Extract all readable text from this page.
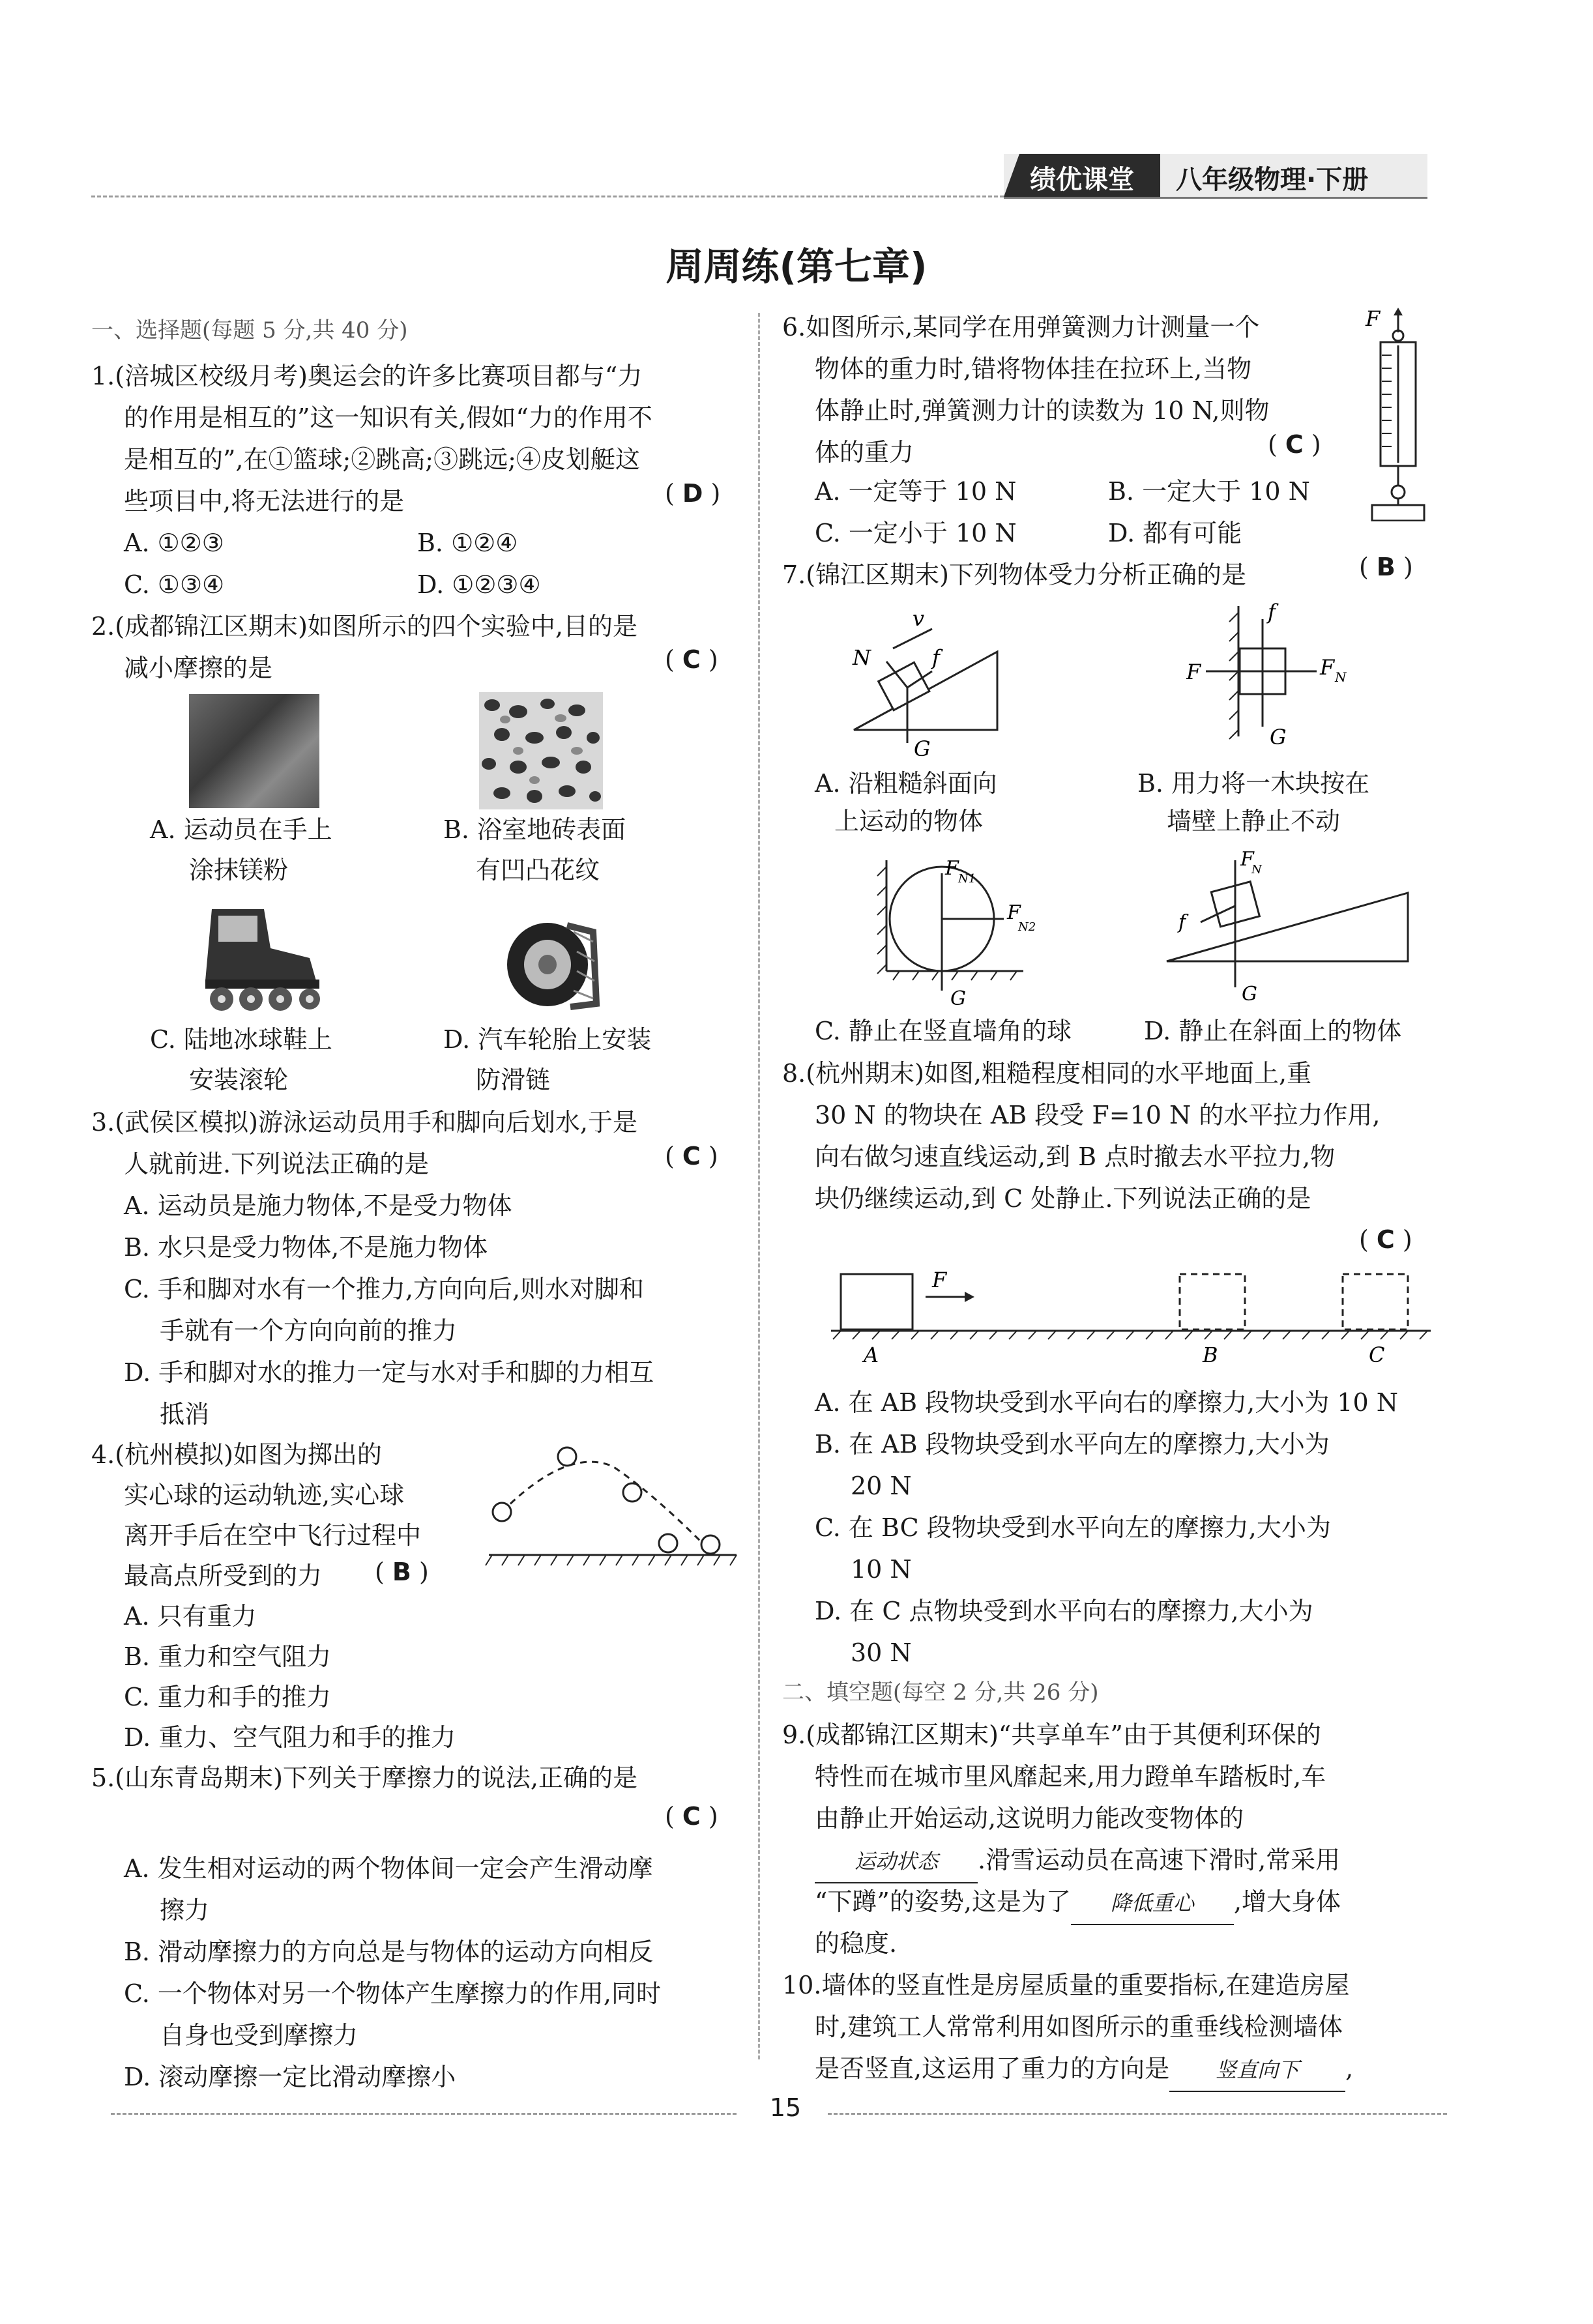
绩优课堂 八年级物理·下册
周周练(第七章)
一、选择题(每题 5 分,共 40 分)
1.(涪城区校级月考)奥运会的许多比赛项目都与“力
的作用是相互的”这一知识有关,假如“力的作用不
是相互的”,在①篮球;②跳高;③跳远;④皮划艇这
些项目中,将无法进行的是	( D )
A. ①②③	B. ①②④
C. ①③④	D. ①②③④
2.(成都锦江区期末)如图所示的四个实验中,目的是
减小摩擦的是	( C )
A. 运动员在手上
涂抹镁粉
B. 浴室地砖表面
有凹凸花纹
C. 陆地冰球鞋上
安装滚轮
D. 汽车轮胎上安装
防滑链
3.(武侯区模拟)游泳运动员用手和脚向后划水,于是
人就前进.下列说法正确的是	( C )
A. 运动员是施力物体,不是受力物体
B. 水只是受力物体,不是施力物体
C. 手和脚对水有一个推力,方向向后,则水对脚和
手就有一个方向向前的推力
D. 手和脚对水的推力一定与水对手和脚的力相互
抵消
4.(杭州模拟)如图为掷出的
实心球的运动轨迹,实心球
离开手后在空中飞行过程中
最高点所受到的力 ( B )
A. 只有重力
B. 重力和空气阻力
C. 重力和手的推力
D. 重力、空气阻力和手的推力
5.(山东青岛期末)下列关于摩擦力的说法,正确的是
( C )
A. 发生相对运动的两个物体间一定会产生滑动摩
擦力
B. 滑动摩擦力的方向总是与物体的运动方向相反
C. 一个物体对另一个物体产生摩擦力的作用,同时
自身也受到摩擦力
D. 滚动摩擦一定比滑动摩擦小
6.如图所示,某同学在用弹簧测力计测量一个
物体的重力时,错将物体挂在拉环上,当物
体静止时,弹簧测力计的读数为 10 N,则物
体的重力	( C )
A. 一定等于 10 N	B. 一定大于 10 N
C. 一定小于 10 N	D. 都有可能
F
7.(锦江区期末)下列物体受力分析正确的是	( B )
N	f
G
v	f
G
F	F N
A. 沿粗糙斜面向
上运动的物体
B. 用力将一木块按在
墙壁上静止不动
F N1
F
N2
G
F
N
f
G
C. 静止在竖直墙角的球	D. 静止在斜面上的物体
8.(杭州期末)如图,粗糙程度相同的水平地面上,重
30 N 的物块在 AB 段受 F=10 N 的水平拉力作用,
向右做匀速直线运动,到 B 点时撤去水平拉力,物
块仍继续运动,到 C 处静止.下列说法正确的是
( C )
F
A	B	C
A. 在 AB 段物块受到水平向右的摩擦力,大小为 10 N
B. 在 AB 段物块受到水平向左的摩擦力,大小为
20 N
C. 在 BC 段物块受到水平向左的摩擦力,大小为
10 N
D. 在 C 点物块受到水平向右的摩擦力,大小为
30 N
二、填空题(每空 2 分,共 26 分)
9.(成都锦江区期末)“共享单车”由于其便利环保的
特性而在城市里风靡起来,用力蹬单车踏板时,车
由静止开始运动,这说明力能改变物体的
运动状态 .滑雪运动员在高速下滑时,常采用
“下蹲”的姿势,这是为了 降低重心 ,增大身体
的稳度.
10.墙体的竖直性是房屋质量的重要指标,在建造房屋
时,建筑工人常常利用如图所示的重垂线检测墙体
是否竖直,这运用了重力的方向是 竖直向下 ,
15
